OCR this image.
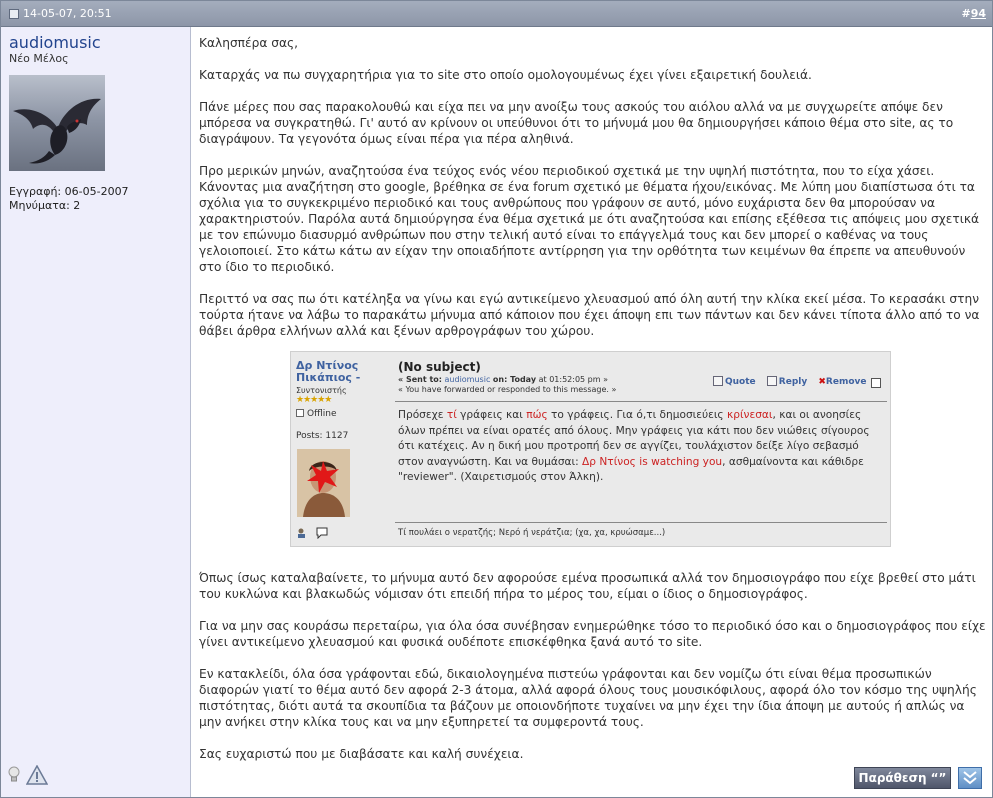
14-05-07, 20:51	#94
audiomusic
Νέο Μέλος
Εγγραφή: 06-05-2007
Μηνύματα: 2

Καλησπέρα σας,

Καταρχάς να πω συγχαρητήρια για το site στο οποίο ομολογουμένως έχει γίνει εξαιρετική δουλειά.

Πάνε μέρες που σας παρακολουθώ και είχα πει να μην ανοίξω τους ασκούς του αιόλου αλλά να με συγχωρείτε απόψε δεν μπόρεσα να συγκρατηθώ. Γι' αυτό αν κρίνουν οι υπεύθυνοι ότι το μήνυμά μου θα δημιουργήσει κάποιο θέμα στο site, ας το διαγράψουν. Τα γεγονότα όμως είναι πέρα για πέρα αληθινά.

Προ μερικών μηνών, αναζητούσα ένα τεύχος ενός νέου περιοδικού σχετικά με την υψηλή πιστότητα, που το είχα χάσει. Κάνοντας μια αναζήτηση στο google, βρέθηκα σε ένα forum σχετικό με θέματα ήχου/εικόνας. Με λύπη μου διαπίστωσα ότι τα σχόλια για το συγκεκριμένο περιοδικό και τους ανθρώπους που γράφουν σε αυτό, μόνο ευχάριστα δεν θα μπορούσαν να χαρακτηριστούν. Παρόλα αυτά δημιούργησα ένα θέμα σχετικά με ότι αναζητούσα και επίσης εξέθεσα τις απόψεις μου σχετικά με τον επώνυμο διασυρμό ανθρώπων που στην τελική αυτό είναι το επάγγελμά τους και δεν μπορεί ο καθένας να τους γελοιοποιεί. Στο κάτω κάτω αν είχαν την οποιαδήποτε αντίρρηση για την ορθότητα των κειμένων θα έπρεπε να απευθυνούν στο ίδιο το περιοδικό.

Περιττό να σας πω ότι κατέληξα να γίνω και εγώ αντικείμενο χλευασμού από όλη αυτή την κλίκα εκεί μέσα. Το κερασάκι στην τούρτα ήτανε να λάβω το παρακάτω μήνυμα από κάποιον που έχει άποψη επι των πάντων και δεν κάνει τίποτα άλλο από το να θάβει άρθρα ελλήνων αλλά και ξένων αρθρογράφων του χώρου.

Όπως ίσως καταλαβαίνετε, το μήνυμα αυτό δεν αφορούσε εμένα προσωπικά αλλά τον δημοσιογράφο που είχε βρεθεί στο μάτι του κυκλώνα και βλακωδώς νόμισαν ότι επειδή πήρα το μέρος του, είμαι ο ίδιος ο δημοσιογράφος.

Για να μην σας κουράσω περεταίρω, για όλα όσα συνέβησαν ενημερώθηκε τόσο το περιοδικό όσο και ο δημοσιογράφος που είχε γίνει αντικείμενο χλευασμού και φυσικά ουδέποτε επισκέφθηκα ξανά αυτό το site.

Εν κατακλείδι, όλα όσα γράφονται εδώ, δικαιολογημένα πιστεύω γράφονται και δεν νομίζω ότι είναι θέμα προσωπικών διαφορών γιατί το θέμα αυτό δεν αφορά 2-3 άτομα, αλλά αφορά όλους τους μουσικόφιλους, αφορά όλο τον κόσμο της υψηλής πιστότητας, διότι αυτά τα σκουπίδια τα βάζουν με οποιονδήποτε τυχαίνει να μην έχει την ίδια άποψη με αυτούς ή απλώς να μην ανήκει στην κλίκα τους και να μην εξυπηρετεί τα συμφεροντά τους.

Σας ευχαριστώ που με διαβάσατε και καλή συνέχεια.

Δρ Ντίνος
Πικάπιος -
Συντονιστής
★★★★★
Offline
Posts: 1127

(No subject)
« Sent to: audiomusic on: Today at 01:52:05 pm »
« You have forwarded or responded to this message. »
Quote	Reply ✖Remove
Πρόσεχε τί γράφεις και πώς το γράφεις. Για ό,τι δημοσιεύεις κρίνεσαι, και οι ανοησίες όλων πρέπει να είναι ορατές από όλους. Μην γράφεις για κάτι που δεν νιώθεις σίγουρος ότι κατέχεις. Αν η δική μου προτροπή δεν σε αγγίζει, τουλάχιστον δείξε λίγο σεβασμό στον αναγνώστη. Και να θυμάσαι: Δρ Ντίνος is watching you, ασθμαίνοντα και κάθιδρε "reviewer". (Χαιρετισμούς στον Άλκη).
Τί πουλάει ο νερατζής; Νερό ή νεράτζια; (χα, χα, κρυώσαμε...)
Παράθεση “”
